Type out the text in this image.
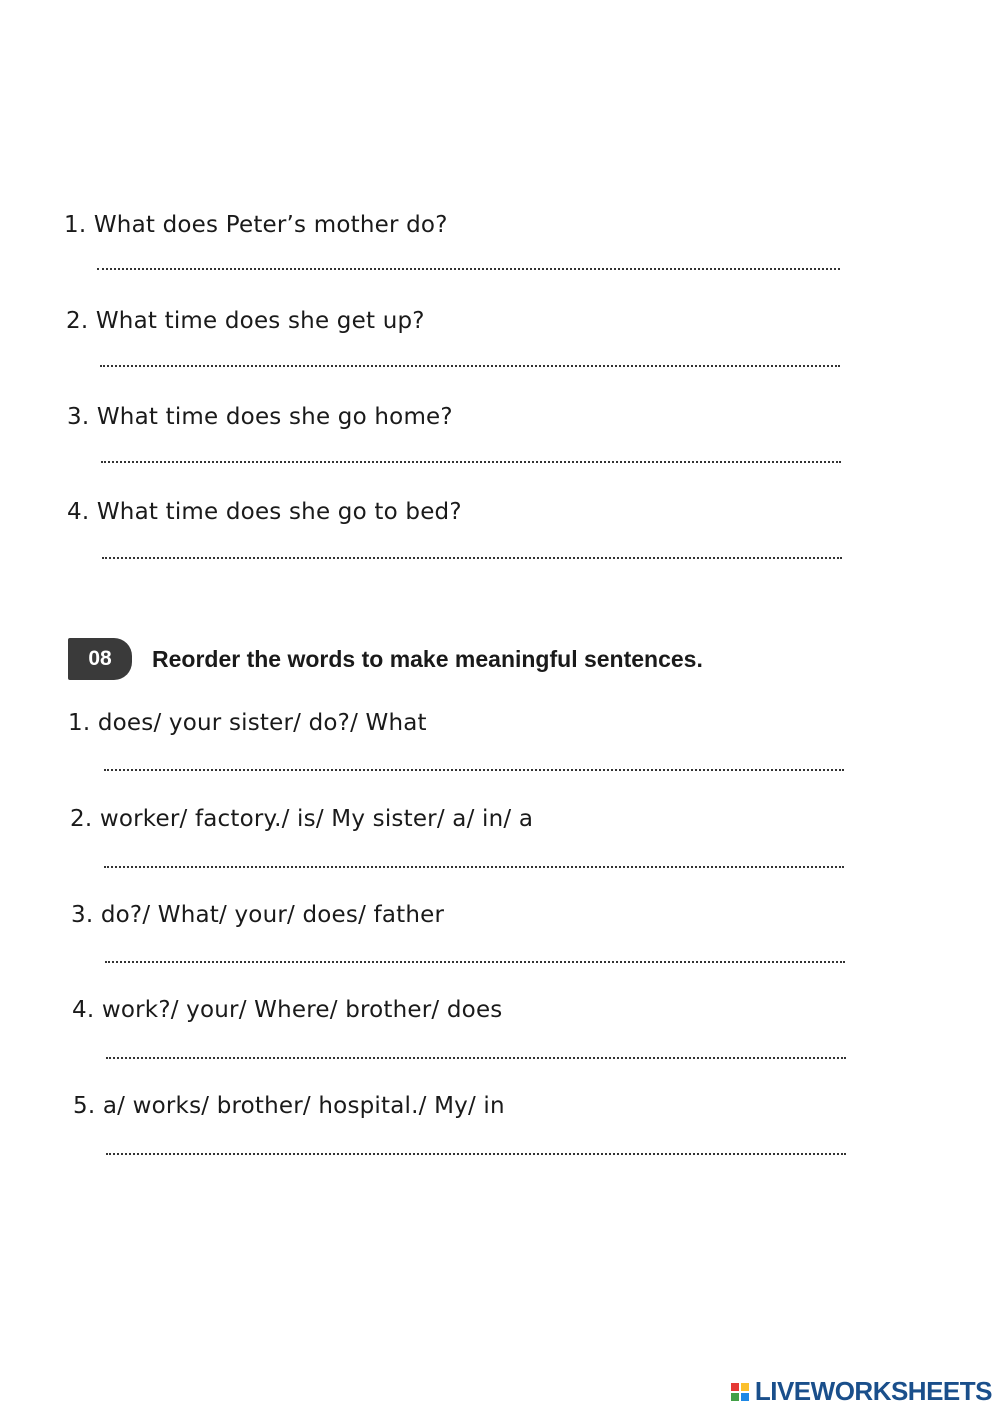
1. What does Peter’s mother do?
2. What time does she get up?
3. What time does she go home?
4. What time does she go to bed?
08	Reorder the words to make meaningful sentences.
1. does/ your sister/ do?/ What
2. worker/ factory./ is/ My sister/ a/ in/ a
3. do?/ What/ your/ does/ father
4. work?/ your/ Where/ brother/ does
5. a/ works/ brother/ hospital./ My/ in
LIVEWORKSHEETS
